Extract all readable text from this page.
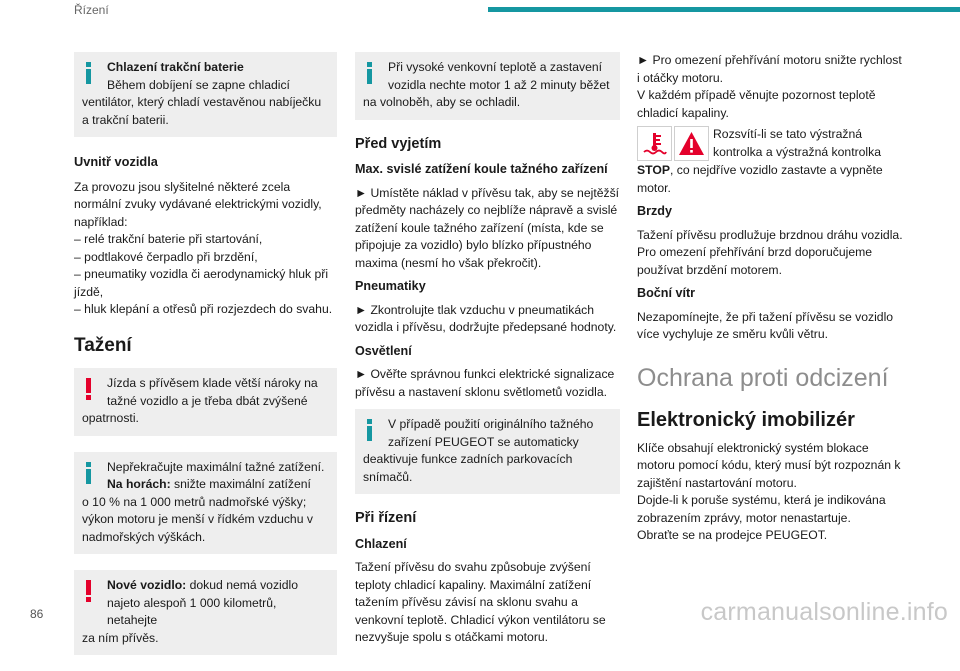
Řízení

Chlazení trakční baterie

Během dobíjení se zapne chladicí

ventilátor, který chladí vestavěnou nabíječku a trakční baterii.

Uvnitř vozidla

Za provozu jsou slyšitelné některé zcela normální zvuky vydávané elektrickými vozidly, například:

– relé trakční baterie při startování,

– podtlakové čerpadlo při brzdění,

– pneumatiky vozidla či aerodynamický hluk při jízdě,

– hluk klepání a otřesů při rozjezdech do svahu.

Tažení

Jízda s přívěsem klade větší nároky na

tažné vozidlo a je třeba dbát zvýšené

opatrnosti.

Nepřekračujte maximální tažné zatížení.

Na horách: snižte maximální zatížení

o 10 % na 1 000 metrů nadmořské výšky; výkon motoru je menší v řídkém vzduchu v nadmořských výškách.

Nové vozidlo: dokud nemá vozidlo

najeto alespoň 1 000 kilometrů, netahejte

za ním přívěs.

Při vysoké venkovní teplotě a zastavení

vozidla nechte motor 1 až 2 minuty běžet

na volnoběh, aby se ochladil.

Před vyjetím
Max. svislé zatížení koule tažného zařízení

► Umístěte náklad v přívěsu tak, aby se nejtěžší předměty nacházely co nejblíže nápravě a svislé zatížení koule tažného zařízení (místa, kde se připojuje za vozidlo) bylo blízko přípustného maxima (nesmí ho však překročit).

Pneumatiky

► Zkontrolujte tlak vzduchu v pneumatikách vozidla i přívěsu, dodržujte předepsané hodnoty.

Osvětlení

► Ověřte správnou funkci elektrické signalizace přívěsu a nastavení sklonu světlometů vozidla.

V případě použití originálního tažného

zařízení PEUGEOT se automaticky

deaktivuje funkce zadních parkovacích snímačů.

Při řízení
Chlazení

Tažení přívěsu do svahu způsobuje zvýšení teploty chladicí kapaliny. Maximální zatížení tažením přívěsu závisí na sklonu svahu a venkovní teplotě. Chladicí výkon ventilátoru se nezvyšuje spolu s otáčkami motoru.

► Pro omezení přehřívání motoru snižte rychlost i otáčky motoru.

V každém případě věnujte pozornost teplotě chladicí kapaliny.

Rozsvítí-li se tato výstražná

kontrolka a výstražná kontrolka

STOP, co nejdříve vozidlo zastavte a vypněte motor.

Brzdy

Tažení přívěsu prodlužuje brzdnou dráhu vozidla. Pro omezení přehřívání brzd doporučujeme používat brzdění motorem.

Boční vítr

Nezapomínejte, že při tažení přívěsu se vozidlo více vychyluje ze směru kvůli větru.

Ochrana proti odcizení
Elektronický imobilizér

Klíče obsahují elektronický systém blokace motoru pomocí kódu, který musí být rozpoznán k zajištění nastartování motoru.

Dojde-li k poruše systému, která je indikována zobrazením zprávy, motor nenastartuje.

Obraťte se na prodejce PEUGEOT.

86	carmanualsonline.info
